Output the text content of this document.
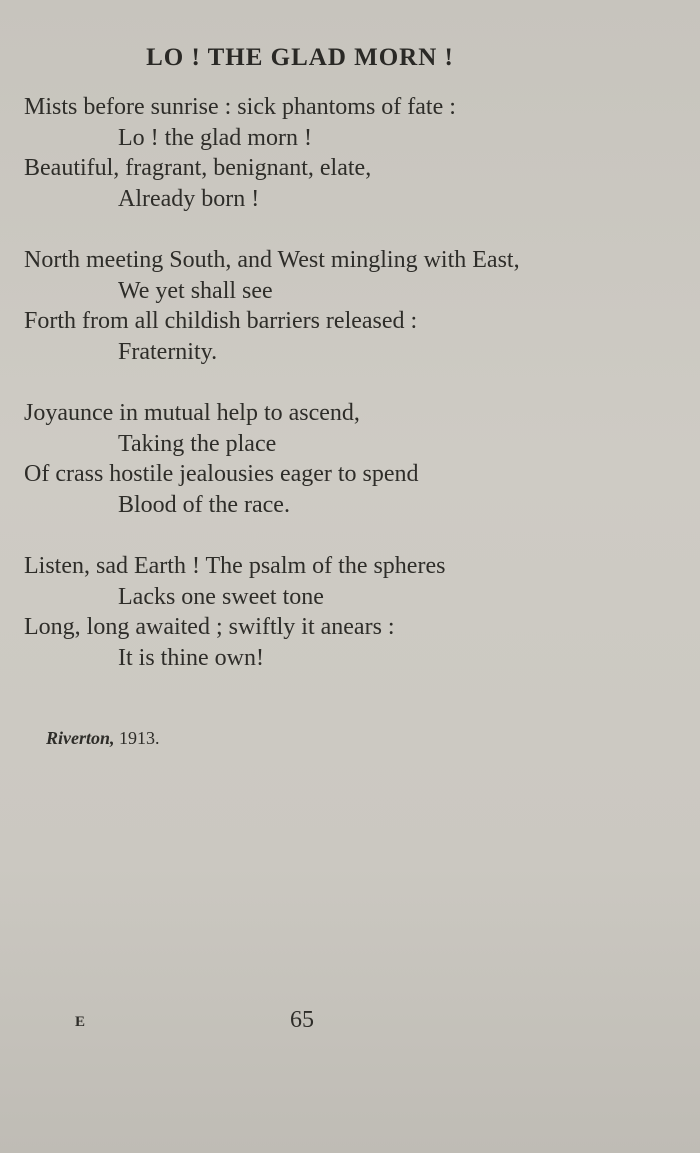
LO ! THE GLAD MORN !
Mists before sunrise : sick phantoms of fate :
Lo ! the glad morn !
Beautiful, fragrant, benignant, elate,
Already born !
North meeting South, and West mingling with East,
We yet shall see
Forth from all childish barriers released :
Fraternity.
Joyaunce in mutual help to ascend,
Taking the place
Of crass hostile jealousies eager to spend
Blood of the race.
Listen, sad Earth ! The psalm of the spheres
Lacks one sweet tone
Long, long awaited ; swiftly it anears :
It is thine own!
Riverton, 1913.
E	65
